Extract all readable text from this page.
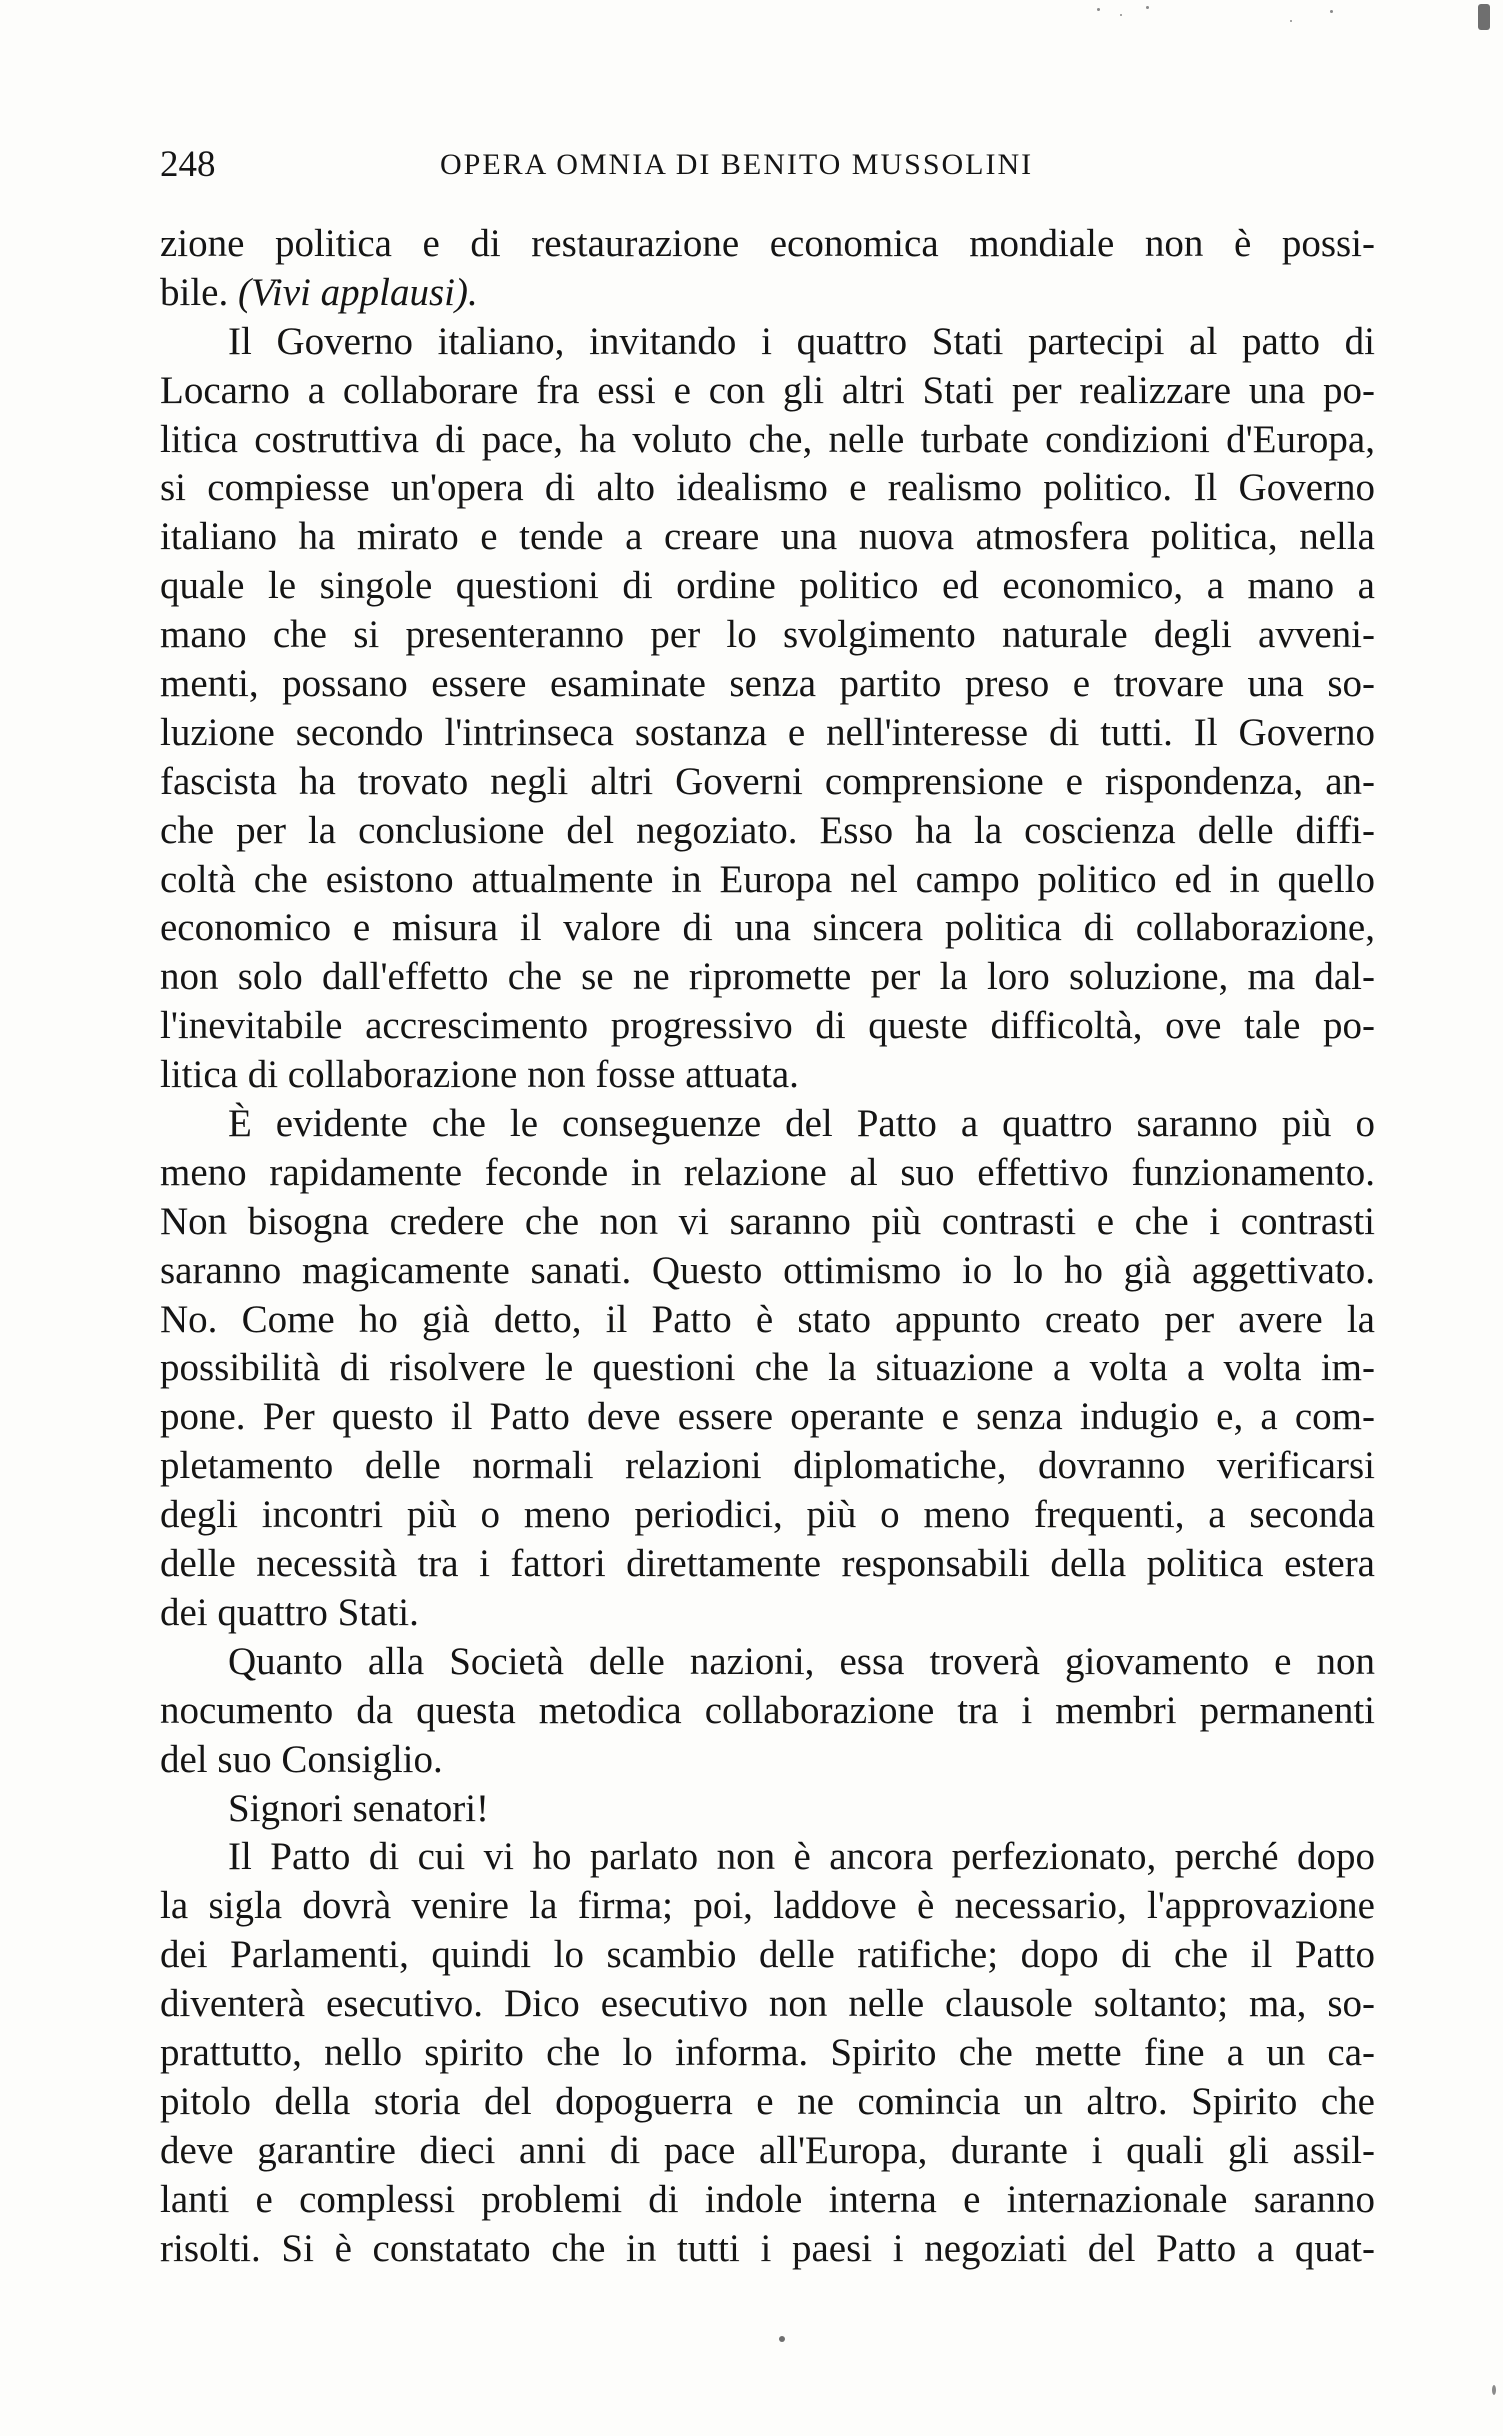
248	OPERA OMNIA DI BENITO MUSSOLINI
zione politica e di restaurazione economica mondiale non è possi-
bile. (Vivi applausi).
Il Governo italiano, invitando i quattro Stati partecipi al patto di
Locarno a collaborare fra essi e con gli altri Stati per realizzare una po-
litica costruttiva di pace, ha voluto che, nelle turbate condizioni d'Europa,
si compiesse un'opera di alto idealismo e realismo politico. Il Governo
italiano ha mirato e tende a creare una nuova atmosfera politica, nella
quale le singole questioni di ordine politico ed economico, a mano a
mano che si presenteranno per lo svolgimento naturale degli avveni-
menti, possano essere esaminate senza partito preso e trovare una so-
luzione secondo l'intrinseca sostanza e nell'interesse di tutti. Il Governo
fascista ha trovato negli altri Governi comprensione e rispondenza, an-
che per la conclusione del negoziato. Esso ha la coscienza delle diffi-
coltà che esistono attualmente in Europa nel campo politico ed in quello
economico e misura il valore di una sincera politica di collaborazione,
non solo dall'effetto che se ne ripromette per la loro soluzione, ma dal-
l'inevitabile accrescimento progressivo di queste difficoltà, ove tale po-
litica di collaborazione non fosse attuata.
È evidente che le conseguenze del Patto a quattro saranno più o
meno rapidamente feconde in relazione al suo effettivo funzionamento.
Non bisogna credere che non vi saranno più contrasti e che i contrasti
saranno magicamente sanati. Questo ottimismo io lo ho già aggettivato.
No. Come ho già detto, il Patto è stato appunto creato per avere la
possibilità di risolvere le questioni che la situazione a volta a volta im-
pone. Per questo il Patto deve essere operante e senza indugio e, a com-
pletamento delle normali relazioni diplomatiche, dovranno verificarsi
degli incontri più o meno periodici, più o meno frequenti, a seconda
delle necessità tra i fattori direttamente responsabili della politica estera
dei quattro Stati.
Quanto alla Società delle nazioni, essa troverà giovamento e non
nocumento da questa metodica collaborazione tra i membri permanenti
del suo Consiglio.
Signori senatori!
Il Patto di cui vi ho parlato non è ancora perfezionato, perché dopo
la sigla dovrà venire la firma; poi, laddove è necessario, l'approvazione
dei Parlamenti, quindi lo scambio delle ratifiche; dopo di che il Patto
diventerà esecutivo. Dico esecutivo non nelle clausole soltanto; ma, so-
prattutto, nello spirito che lo informa. Spirito che mette fine a un ca-
pitolo della storia del dopoguerra e ne comincia un altro. Spirito che
deve garantire dieci anni di pace all'Europa, durante i quali gli assil-
lanti e complessi problemi di indole interna e internazionale saranno
risolti. Si è constatato che in tutti i paesi i negoziati del Patto a quat-
